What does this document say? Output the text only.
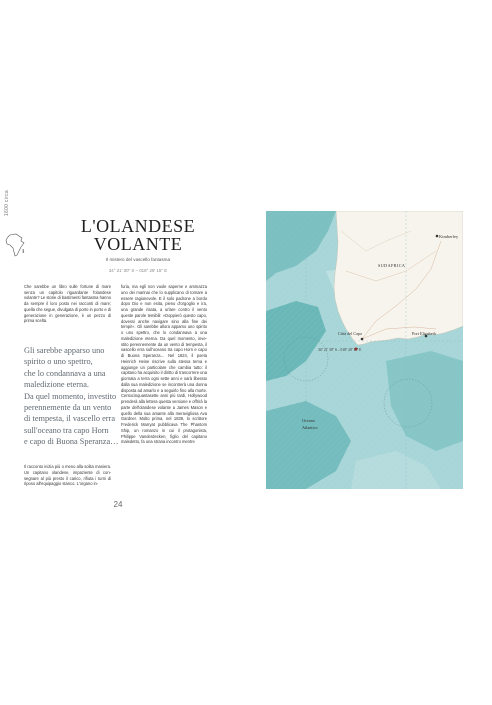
1600 circa
L'OLANDESE
VOLANTE
Il mistero del vascello fantasma
34° 21' 30'' S – 018° 28' 15'' E
Che sarebbe un libro sulle fortune di mare senza un capitolo riguardante l'olandese volante? Le storie di bastimenti fantasma hanno da sempre il loro posto nei racconti di mare; quella che segue, divulgata di porto in porto e di generazione in generazione, è un pezzo di prima scelta.
Gli sarebbe apparso uno
spirito o uno spettro,
che lo condannava a una
maledizione eterna.
Da quel momento, investito
perennemente da un vento
di tempesta, il vascello erra
sull'oceano tra capo Horn
e capo di Buona Speranza…
Il racconto inizia più o meno alla solita maniera. Un capitano olandese, impaziente di consegnare al più presto il carico, rifiuta i turni di riposo all'equipaggio stanco. L'organo in-
furia, ma egli non vuole saperne e ammazza uno dei marinai che lo supplicano di tornare a essere ragionevole. E il solo padrone a bordo dopo Dio e non esita, pieno d'orgoglio e ira, una grande risata, a urlare contro il vento queste parole temibili: «Doppierò questo capo, dovessi anche navigare sino alla fine dei tempi!». Gli sarebbe allora apparso uno spirito o uno spettro, che lo condannava a una maledizione eterna. Da quel momento, investito perennemente da un vento di tempesta, il vascello erra sull'oceano tra capo Horn e capo di Buona Speranza… Nel 1824, il poeta Heinrich Heine riscrive sulla stessa tema e aggiunge un particolare che cambia tutto: il capitano ha acquisito il diritto di trascorrere una giornata a terra ogni sette anni e sarà liberato dalla sua maledizione se incontrerà una donna disposta ad amarlo e a seguirlo fino alla morte. Centocinquantasette anni più tardi, Hollywood prenderà alla lettera questa versione e offrirà la parte dell'olandese volante a James Mason e quello della sua amante alla meravigliosa Ava Gardner. Molto prima, nel 1839, lo scrittore Frederick Marryat pubblicava The Phantom Ship, un romanzo in cui il protagonista, Philippe Vanderdecken, figlio del capitano maledetto, fa una strana incontro mentre
24
Kimberley
SUDAFRICA
Città del Capo	Port Elizabeth
34° 21' 30'' S – 018° 28' 15'' E
Oceano
Atlantico
